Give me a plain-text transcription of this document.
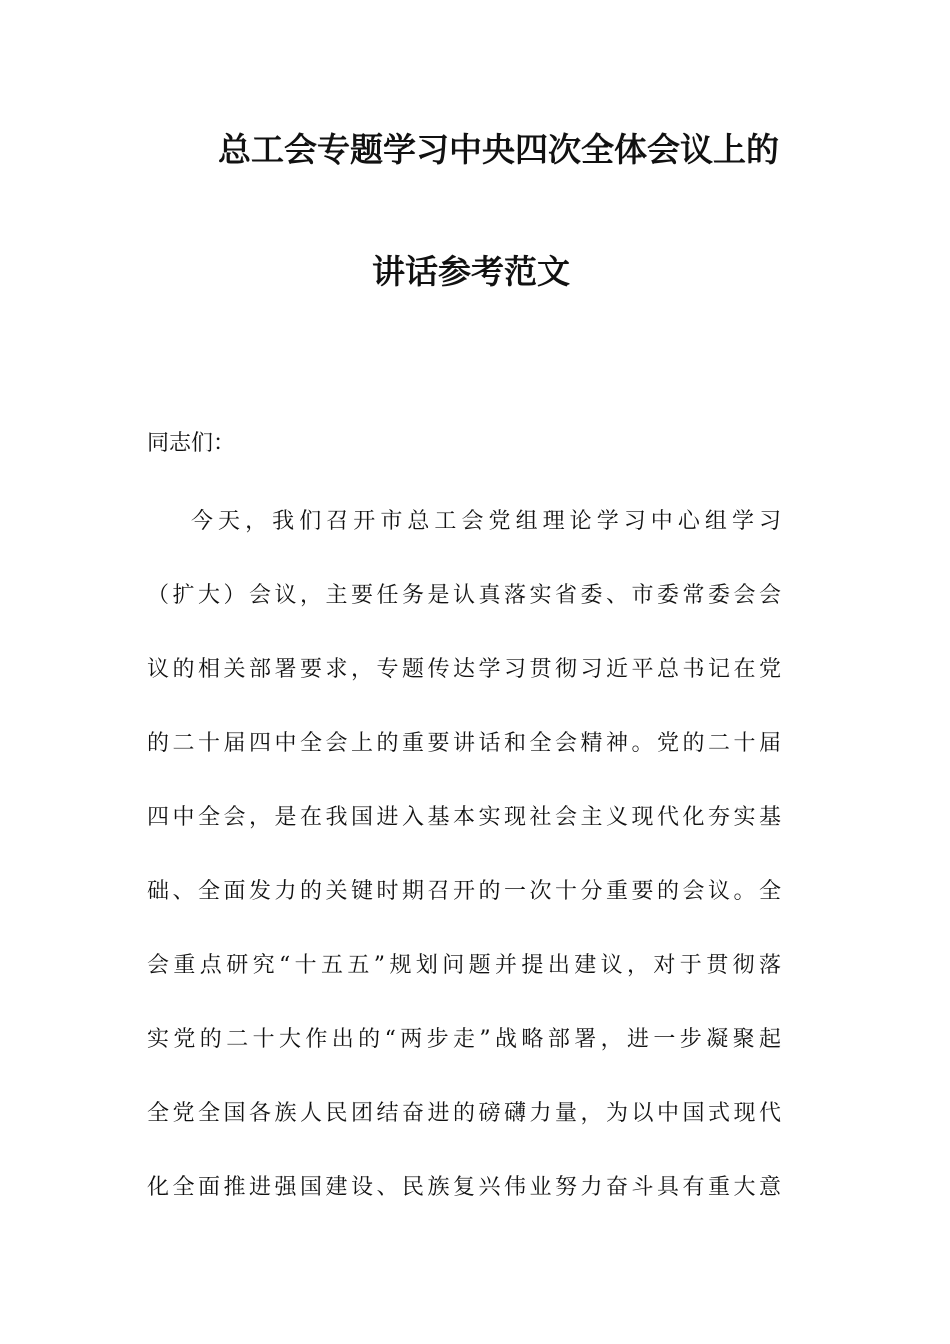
总工会专题学习中央四次全体会议上的
讲话参考范文
同志们：
今天，我们召开市总工会党组理论学习中心组学习
（扩大）会议，主要任务是认真落实省委、市委常委会会
议的相关部署要求，专题传达学习贯彻习近平总书记在党
的二十届四中全会上的重要讲话和全会精神。党的二十届
四中全会，是在我国进入基本实现社会主义现代化夯实基
础、全面发力的关键时期召开的一次十分重要的会议。全
会重点研究“十五五”规划问题并提出建议，对于贯彻落
实党的二十大作出的“两步走”战略部署，进一步凝聚起
全党全国各族人民团结奋进的磅礴力量，为以中国式现代
化全面推进强国建设、民族复兴伟业努力奋斗具有重大意
